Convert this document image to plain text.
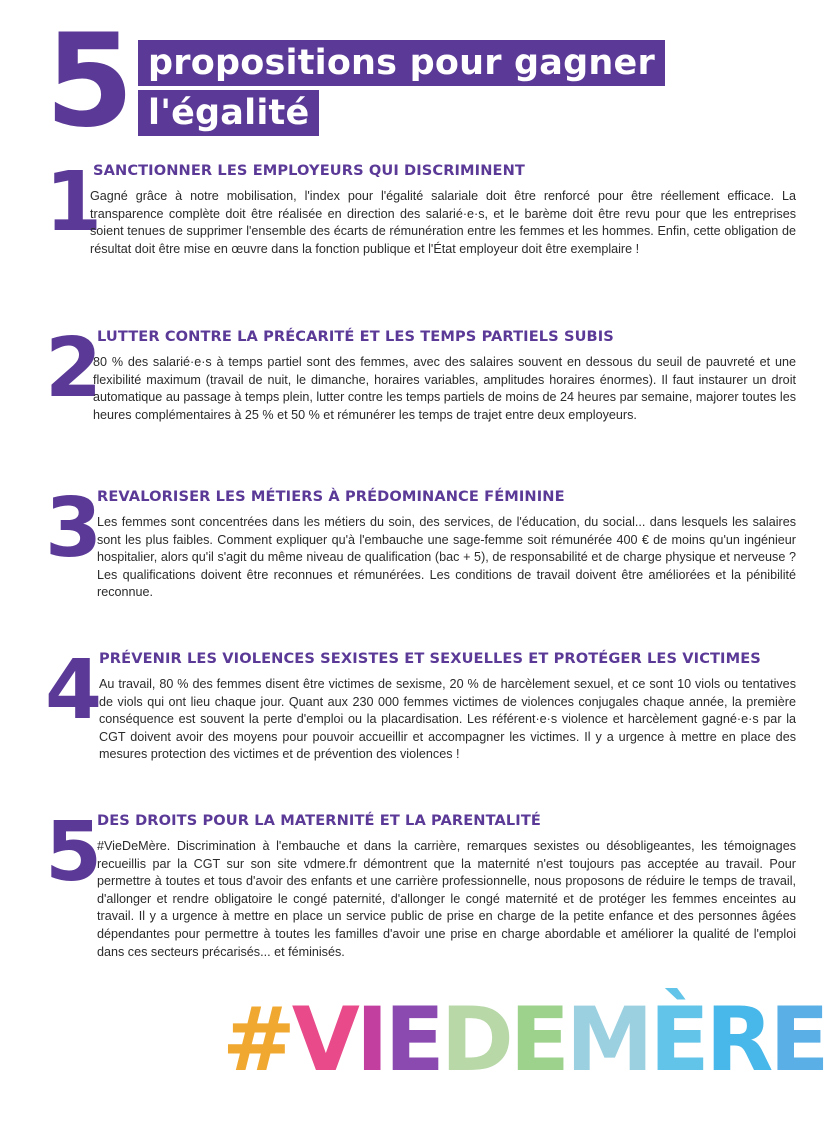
5 propositions pour gagner
l'égalité
1
SANCTIONNER LES EMPLOYEURS QUI DISCRIMINENT

Gagné grâce à notre mobilisation, l'index pour l'égalité salariale doit être renforcé pour être réellement efficace. La transparence complète doit être réalisée en direction des salarié·e·s, et le barème doit être revu pour que les entreprises soient tenues de supprimer l'ensemble des écarts de rémunération entre les femmes et les hommes. Enfin, cette obligation de résultat doit être mise en œuvre dans la fonction publique et l'État employeur doit être exemplaire !

2
LUTTER CONTRE LA PRÉCARITÉ ET LES TEMPS PARTIELS SUBIS

80 % des salarié·e·s à temps partiel sont des femmes, avec des salaires souvent en dessous du seuil de pauvreté et une flexibilité maximum (travail de nuit, le dimanche, horaires variables, amplitudes horaires énormes). Il faut instaurer un droit automatique au passage à temps plein, lutter contre les temps partiels de moins de 24 heures par semaine, majorer toutes les heures complémentaires à 25 % et 50 % et rémunérer les temps de trajet entre deux employeurs.

3
REVALORISER LES MÉTIERS À PRÉDOMINANCE FÉMININE

Les femmes sont concentrées dans les métiers du soin, des services, de l'éducation, du social... dans lesquels les salaires sont les plus faibles. Comment expliquer qu'à l'embauche une sage-femme soit rémunérée 400 € de moins qu'un ingénieur hospitalier, alors qu'il s'agit du même niveau de qualification (bac + 5), de responsabilité et de charge physique et nerveuse ? Les qualifications doivent être reconnues et rémunérées. Les conditions de travail doivent être améliorées et la pénibilité reconnue.

4
PRÉVENIR LES VIOLENCES SEXISTES ET SEXUELLES ET PROTÉGER LES VICTIMES

Au travail, 80 % des femmes disent être victimes de sexisme, 20 % de harcèlement sexuel, et ce sont 10 viols ou tentatives de viols qui ont lieu chaque jour. Quant aux 230 000 femmes victimes de violences conjugales chaque année, la première conséquence est souvent la perte d'emploi ou la placardisation. Les référent·e·s violence et harcèlement gagné·e·s par la CGT doivent avoir des moyens pour pouvoir accueillir et accompagner les victimes. Il y a urgence à mettre en place des mesures protection des victimes et de prévention des violences !

5
DES DROITS POUR LA MATERNITÉ ET LA PARENTALITÉ

#VieDeMère. Discrimination à l'embauche et dans la carrière, remarques sexistes ou désobligeantes, les témoignages recueillis par la CGT sur son site vdmere.fr démontrent que la maternité n'est toujours pas acceptée au travail. Pour permettre à toutes et tous d'avoir des enfants et une carrière professionnelle, nous proposons de réduire le temps de travail, d'allonger et rendre obligatoire le congé paternité, d'allonger le congé maternité et de protéger les femmes enceintes au travail. Il y a urgence à mettre en place un service public de prise en charge de la petite enfance et des personnes âgées dépendantes pour permettre à toutes les familles d'avoir une prise en charge abordable et améliorer la qualité de l'emploi dans ces secteurs précarisés... et féminisés.

#VIEDEMÈRE
